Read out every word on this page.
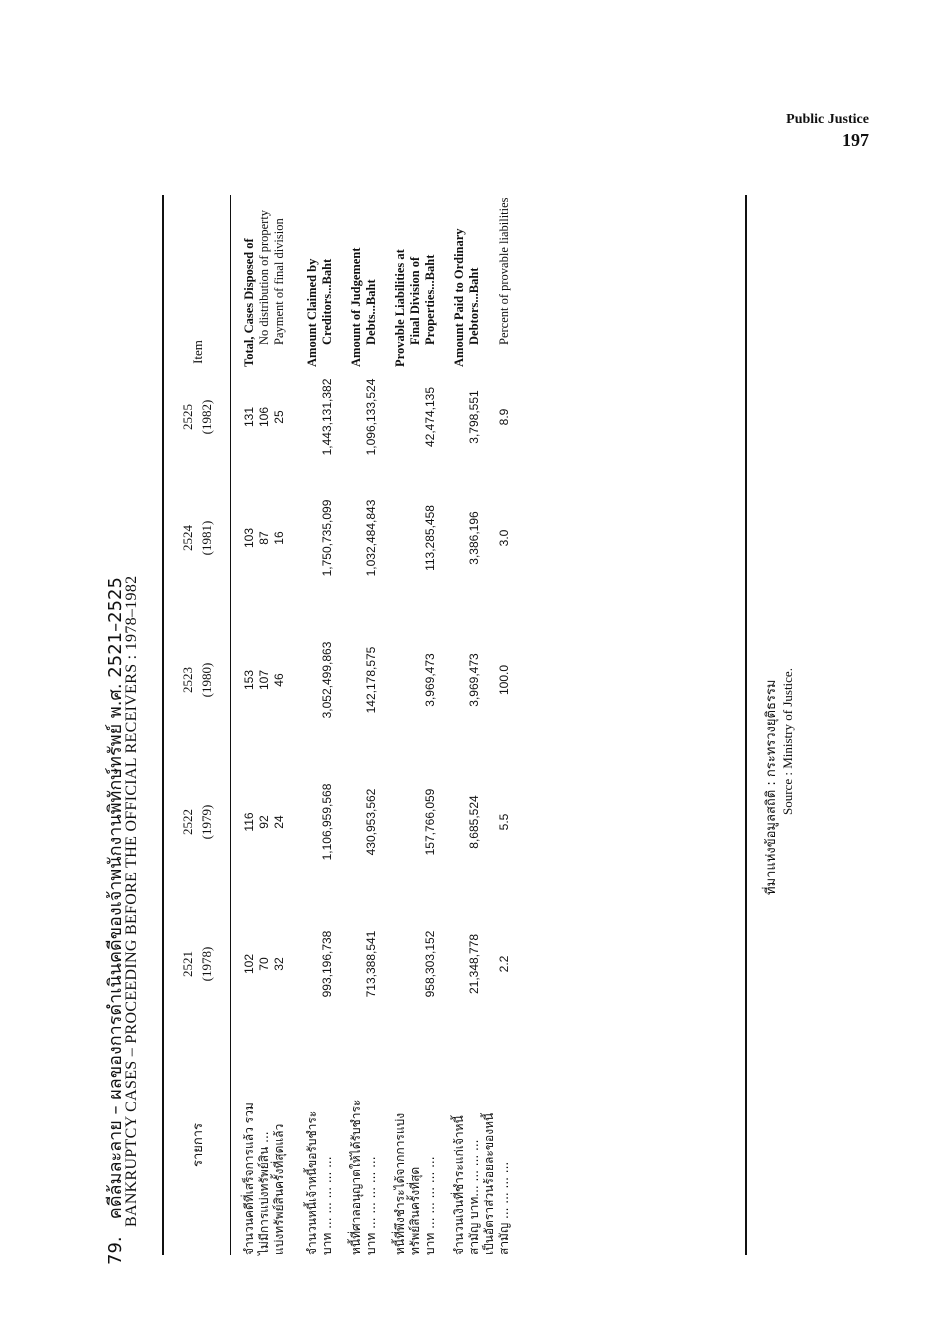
Public Justice
197
79.   คดีล้มละลาย – ผลของการดำเนินคดีของเจ้าพนักงานพิทักษ์ทรัพย์ พ.ศ. 2521–2525
BANKRUPTCY CASES – PROCEEDING BEFORE THE OFFICIAL RECEIVERS : 1978–1982	รายการ	2521 (1978)	2522 (1979)	2523 (1980)	2524 (1981)	2525 (1982)	Item

จำนวนคดีที่เสร็จการแล้ว รวม	102	116	153	103	131	Total, Cases Disposed of
ไม่มีการแบ่งทรัพย์สิน ...	70	92	107	87	106	No distribution of property
แบ่งทรัพย์สินครั้งที่สุดแล้ว	32	24	46	16	25	Payment of final division

จำนวนหนี้เจ้าหนี้ขอรับชำระ						Amount Claimed by
บาท ... ... ... ... ...	993,196,738	1,106,959,568	3,052,499,863	1,750,735,099	1,443,131,382	Creditors...Baht

หนี้ที่ศาลอนุญาตให้ได้รับชำระ						Amount of Judgement
บาท ... ... ... ... ...	713,388,541	430,953,562	142,178,575	1,032,484,843	1,096,133,524	Debts...Baht

หนี้ที่พึงชำระได้จากการแบ่ง						Provable Liabilities at
ทรัพย์สินครั้งที่สุด						Final Division of
บาท ... ... ... ... ...	958,303,152	157,766,059	3,969,473	113,285,458	42,474,135	Properties...Baht

จำนวนเงินที่ชำระแก่เจ้าหนี้						Amount Paid to Ordinary
สามัญ บาท... ... ... ...	21,348,778	8,685,524	3,969,473	3,386,196	3,798,551	Debtors...Baht
เป็นอัตราส่วนร้อยละของหนี้						
สามัญ ... ... ... ...	2.2	5.5	100.0	3.0	8.9	Percent of provable liabilities
ที่มาแห่งข้อมูลสถิติ : กระทรวงยุติธรรม Source : Ministry of Justice.
